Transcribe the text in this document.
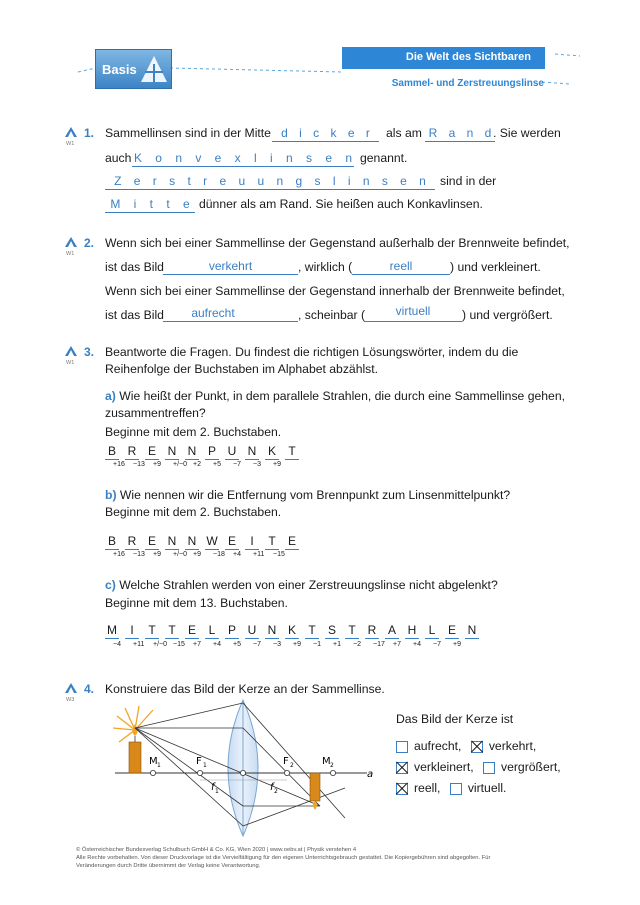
Basis
Die Welt des Sichtbaren
Sammel- und Zerstreuungslinse
W1
1. Sammellinsen sind in der Mitte d i c k e r	als am R a n d . Sie werden
auch K o n v e x l i n s e n genannt.
Z e r s t r e u u n g s l i n s e n	sind in der
M i t t e dünner als am Rand. Sie heißen auch Konkavlinsen.
W1
2. Wenn sich bei einer Sammellinse der Gegenstand außerhalb der Brennweite befindet,
ist das Bild	verkehrt	, wirklich (	reell	) und verkleinert.
Wenn sich bei einer Sammellinse der Gegenstand innerhalb der Brennweite befindet,
ist das Bild	aufrecht	, scheinbar (	virtuell	) und vergrößert.
W1
3. Beantworte die Fragen. Du findest die richtigen Lösungswörter, indem du die
Reihenfolge der Buchstaben im Alphabet abzählst.
a) Wie heißt der Punkt, in dem parallele Strahlen, die durch eine Sammellinse gehen,
zusammentreffen?
Beginne mit dem 2. Buchstaben.
B R E N N P U N K T
+16 −13 +9 +/−0 +2 +5 −7 −3 +9
b) Wie nennen wir die Entfernung vom Brennpunkt zum Linsenmittelpunkt?
Beginne mit dem 2. Buchstaben.
B R E N N W E	I	T E
+16 −13 +9 +/−0 +9 −18 +4 +11 −15
c) Welche Strahlen werden von einer Zerstreuungslinse nicht abgelenkt?
Beginne mit dem 13. Buchstaben.
M	I	T T E	L	P U N K T S T R A H	L	E N
−4 +11 +/−0 −15 +7 +4 +5 −7 −3 +9 −1 +1 −2 −17 +7 +4 −7 +9
W3
4. Konstruiere das Bild der Kerze an der Sammellinse.
M 1	F 1	F 2	M 2
f 1	f 2
a
Das Bild der Kerze ist
aufrecht, verkehrt,
verkleinert, vergrößert,
reell, virtuell.
© Österreichischer Bundesverlag Schulbuch GmbH & Co. KG, Wien 2020 | www.oebv.at | Physik verstehen 4
Alle Rechte vorbehalten. Von dieser Druckvorlage ist die Vervielfältigung für den eigenen Unterrichtsgebrauch gestattet. Die Kopiergebühren sind abgegolten. Für
Veränderungen durch Dritte übernimmt der Verlag keine Verantwortung.
